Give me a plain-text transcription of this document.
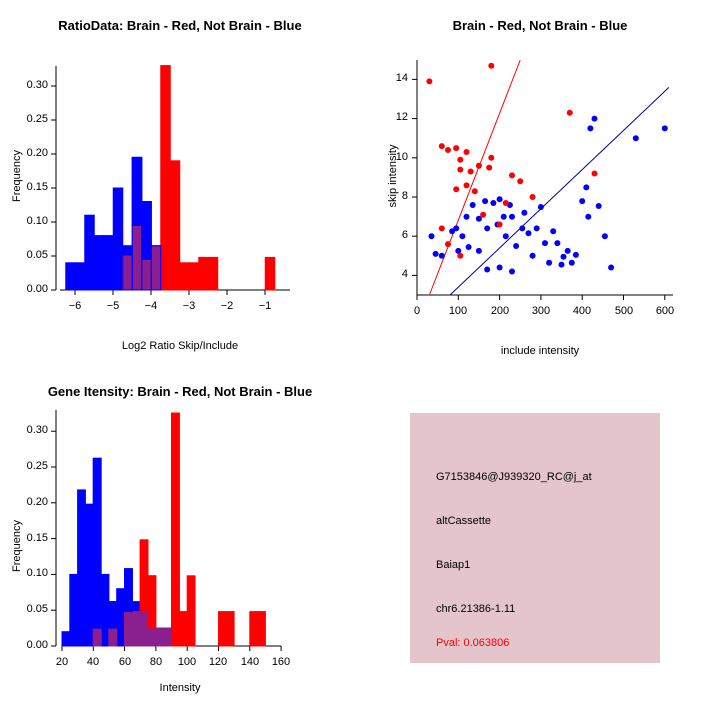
RatioData: Brain - Red, Not Brain - Blue
Frequency
Log2 Ratio Skip/Include
0.00
0.05
0.10
0.15
0.20
0.25
0.30
−6	−5	−4	−3	−2	−1
Brain - Red, Not Brain - Blue
skip intensity
include intensity
4
6
8
10
12
14
0	100	200	300	400	500	600
Gene Itensity: Brain - Red, Not Brain - Blue
Frequency
Intensity
0.00
0.05
0.10
0.15
0.20
0.25
0.30
20	40	60	80	100	120	140	160
G7153846@J939320_RC@j_at
altCassette
Baiap1
chr6.21386-1.11
Pval: 0.063806
